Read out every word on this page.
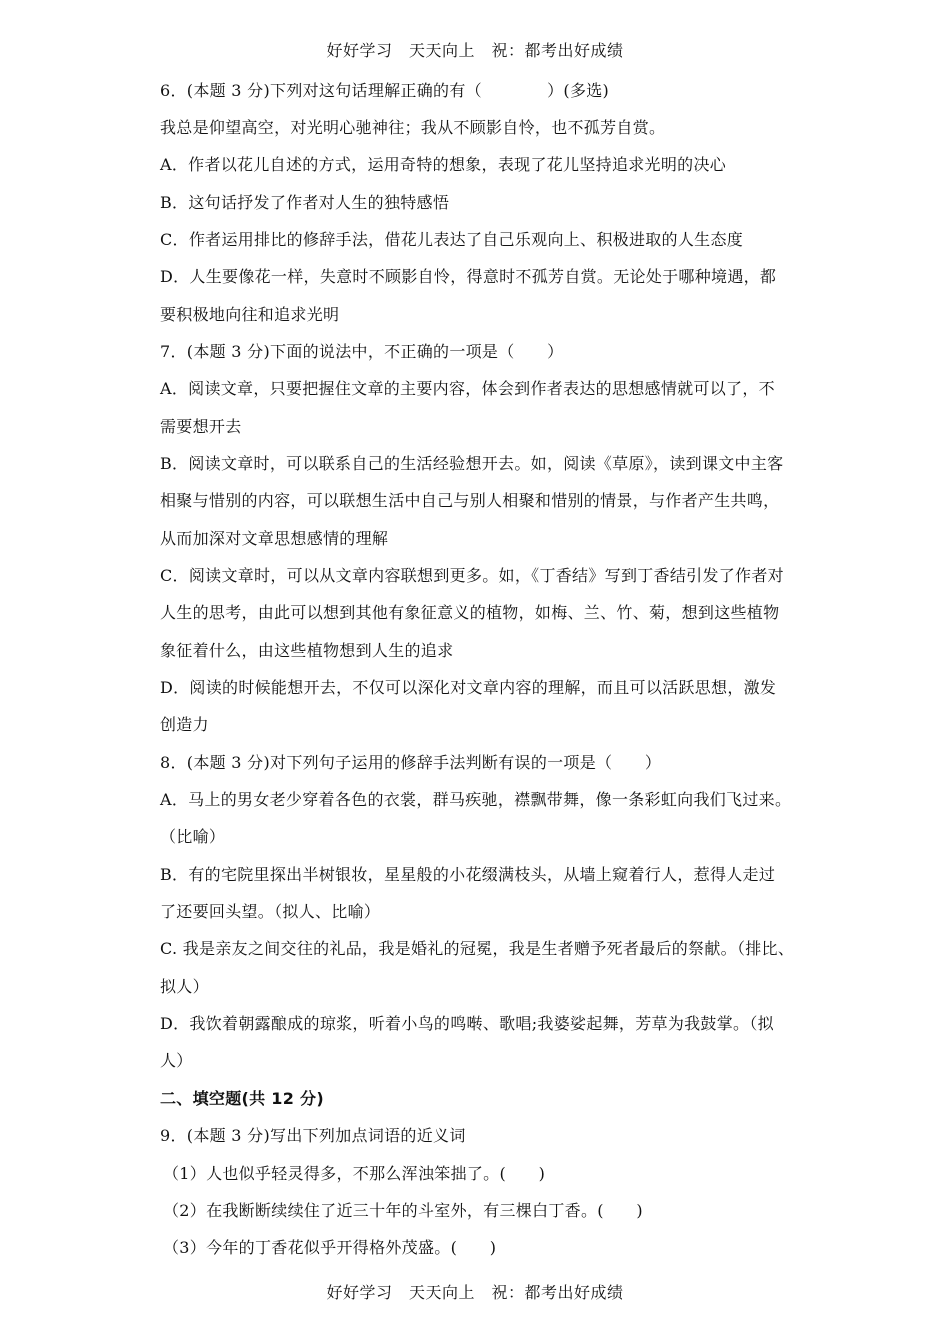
好好学习　天天向上　祝：都考出好成绩
6．(本题 3 分)下列对这句话理解正确的有（　　　　）(多选)
我总是仰望高空，对光明心驰神往；我从不顾影自怜，也不孤芳自赏。
A．作者以花儿自述的方式，运用奇特的想象，表现了花儿坚持追求光明的决心
B．这句话抒发了作者对人生的独特感悟
C．作者运用排比的修辞手法，借花儿表达了自己乐观向上、积极进取的人生态度
D．人生要像花一样，失意时不顾影自怜，得意时不孤芳自赏。无论处于哪种境遇，都
要积极地向往和追求光明
7．(本题 3 分)下面的说法中，不正确的一项是（　　）
A．阅读文章，只要把握住文章的主要内容，体会到作者表达的思想感情就可以了，不
需要想开去
B．阅读文章时，可以联系自己的生活经验想开去。如，阅读《草原》，读到课文中主客
相聚与惜别的内容，可以联想生活中自己与别人相聚和惜别的情景，与作者产生共鸣，
从而加深对文章思想感情的理解
C．阅读文章时，可以从文章内容联想到更多。如，《丁香结》写到丁香结引发了作者对
人生的思考，由此可以想到其他有象征意义的植物，如梅、兰、竹、菊，想到这些植物
象征着什么，由这些植物想到人生的追求
D．阅读的时候能想开去，不仅可以深化对文章内容的理解，而且可以活跃思想，激发
创造力
8．(本题 3 分)对下列句子运用的修辞手法判断有误的一项是（　　）
A．马上的男女老少穿着各色的衣裳，群马疾驰，襟飘带舞，像一条彩虹向我们飞过来。
（比喻）
B．有的宅院里探出半树银妆，星星般的小花缀满枝头，从墙上窥着行人，惹得人走过
了还要回头望。（拟人、比喻）
C. 我是亲友之间交往的礼品，我是婚礼的冠冕，我是生者赠予死者最后的祭献。（排比、
拟人）
D．我饮着朝露酿成的琼浆，听着小鸟的鸣啭、歌唱;我婆娑起舞，芳草为我鼓掌。（拟
人）
二、填空题(共 12 分)
9．(本题 3 分)写出下列加点词语的近义词
（1）人也似乎轻灵得多，不那么浑浊笨拙了。(　　)
（2）在我断断续续住了近三十年的斗室外，有三棵白丁香。(　　)
（3）今年的丁香花似乎开得格外茂盛。(　　)
好好学习　天天向上　祝：都考出好成绩
